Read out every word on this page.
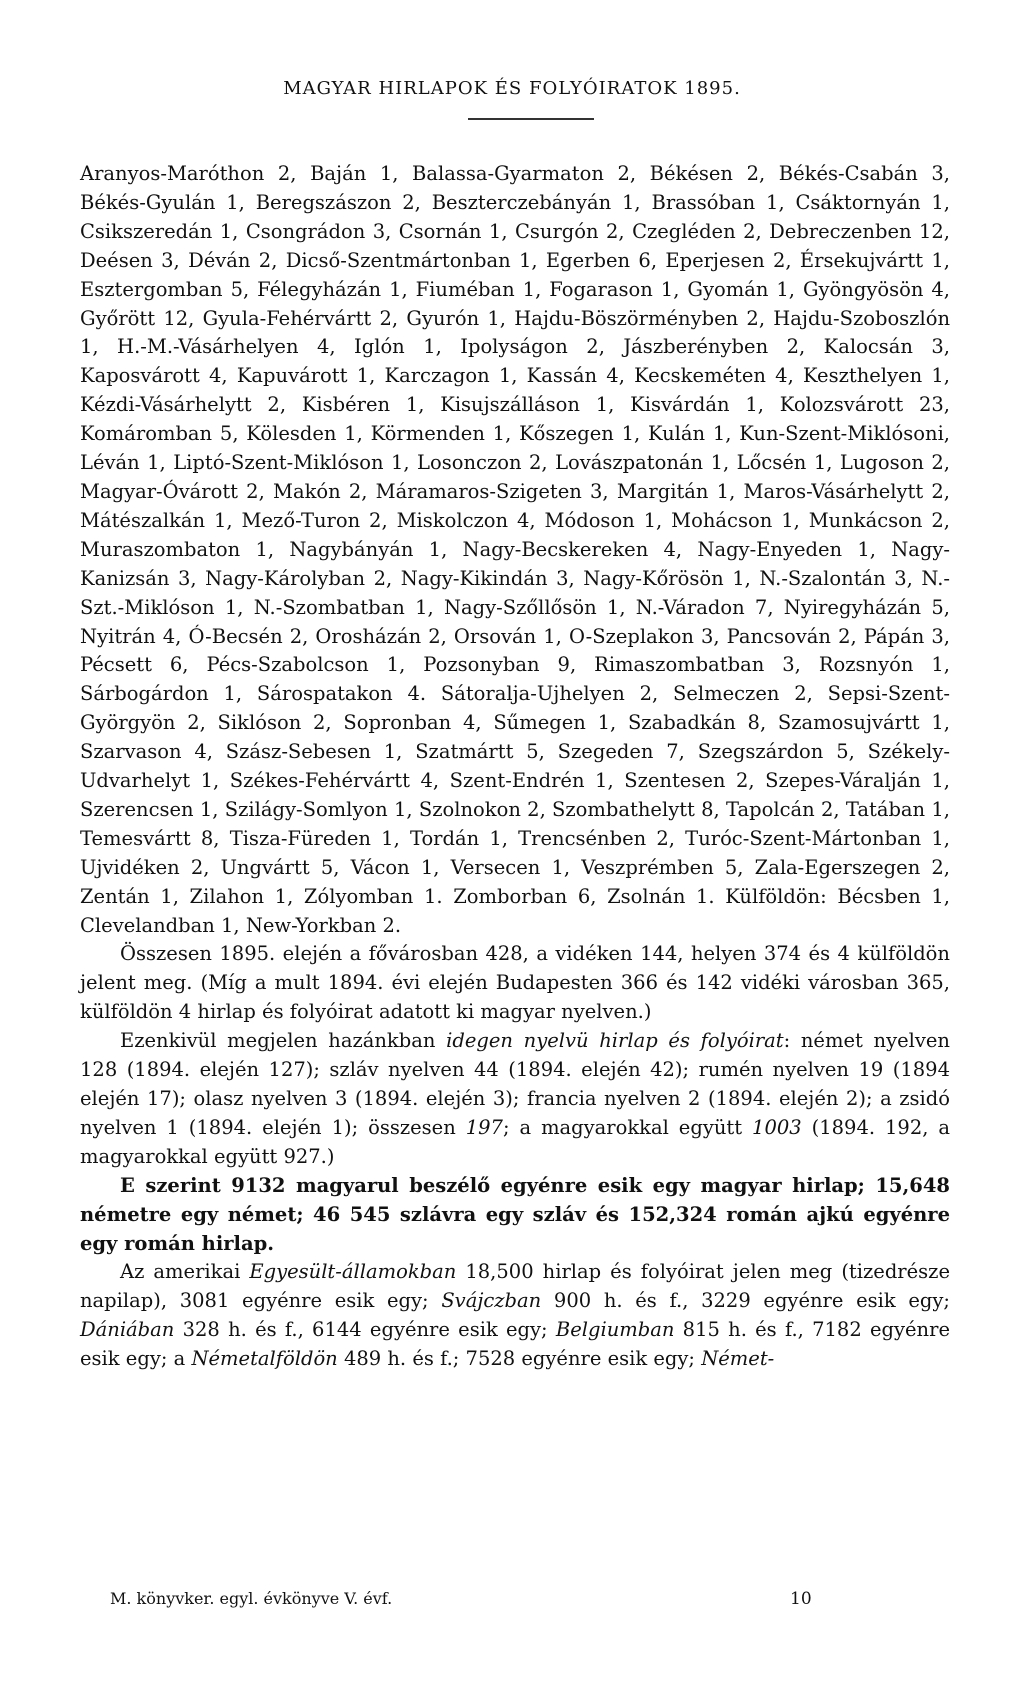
MAGYAR HIRLAPOK ÉS FOLYÓIRATOK 1895.

Aranyos-Maróthon 2, Baján 1, Balassa-Gyarmaton 2, Békésen 2, Békés-Csabán 3, Békés-Gyulán 1, Beregszászon 2, Beszterczebányán 1, Brassóban 1, Csáktornyán 1, Csikszeredán 1, Csongrádon 3, Csornán 1, Csurgón 2, Czegléden 2, Debreczenben 12, Deésen 3, Déván 2, Dicső-Szentmártonban 1, Egerben 6, Eperjesen 2, Érsekujvártt 1, Esztergomban 5, Félegyházán 1, Fiuméban 1, Fogarason 1, Gyomán 1, Gyöngyösön 4, Győrött 12, Gyula-Fehérvártt 2, Gyurón 1, Hajdu-Böszörményben 2, Hajdu-Szoboszlón 1, H.-M.-Vásárhelyen 4, Iglón 1, Ipolyságon 2, Jászberényben 2, Kalocsán 3, Kaposvárott 4, Kapuvárott 1, Karczagon 1, Kassán 4, Kecskeméten 4, Keszthelyen 1, Kézdi-Vásárhelytt 2, Kisbéren 1, Kisujszálláson 1, Kisvárdán 1, Kolozsvárott 23, Komáromban 5, Kölesden 1, Körmenden 1, Kőszegen 1, Kulán 1, Kun-Szent-Miklósoni, Léván 1, Liptó-Szent-Miklóson 1, Losonczon 2, Lovászpatonán 1, Lőcsén 1, Lugoson 2, Magyar-Óvárott 2, Makón 2, Máramaros-Szigeten 3, Margitán 1, Maros-Vásárhelytt 2, Mátészalkán 1, Mező-Turon 2, Miskolczon 4, Módoson 1, Mohácson 1, Munkácson 2, Muraszombaton 1, Nagybányán 1, Nagy-Becskereken 4, Nagy-Enyeden 1, Nagy-Kanizsán 3, Nagy-Károlyban 2, Nagy-Kikindán 3, Nagy-Kőrösön 1, N.-Szalontán 3, N.-Szt.-Miklóson 1, N.-Szombatban 1, Nagy-Szőllősön 1, N.-Váradon 7, Nyiregyházán 5, Nyitrán 4, Ó-Becsén 2, Orosházán 2, Orsován 1, O-Szeplakon 3, Pancsován 2, Pápán 3, Pécsett 6, Pécs-Szabolcson 1, Pozsonyban 9, Rimaszombatban 3, Rozsnyón 1, Sárbogárdon 1, Sárospatakon 4. Sátoralja-Ujhelyen 2, Selmeczen 2, Sepsi-Szent-Györgyön 2, Siklóson 2, Sopronban 4, Sűmegen 1, Szabadkán 8, Szamosujvártt 1, Szarvason 4, Szász-Sebesen 1, Szatmártt 5, Szegeden 7, Szegszárdon 5, Székely-Udvarhelyt 1, Székes-Fehérvártt 4, Szent-Endrén 1, Szentesen 2, Szepes-Váralján 1, Szerencsen 1, Szilágy-Somlyon 1, Szolnokon 2, Szombathelytt 8, Tapolcán 2, Tatában 1, Temesvártt 8, Tisza-Füreden 1, Tordán 1, Trencsénben 2, Turóc-Szent-Mártonban 1, Ujvidéken 2, Ungvártt 5, Vácon 1, Versecen 1, Veszprémben 5, Zala-Egerszegen 2, Zentán 1, Zilahon 1, Zólyomban 1. Zomborban 6, Zsolnán 1. Külföldön: Bécsben 1, Clevelandban 1, New-Yorkban 2.

Összesen 1895. elején a fővárosban 428, a vidéken 144, helyen 374 és 4 külföldön jelent meg. (Míg a mult 1894. évi elején Budapesten 366 és 142 vidéki városban 365, külföldön 4 hirlap és folyóirat adatott ki magyar nyelven.)

Ezenkivül megjelen hazánkban idegen nyelvü hirlap és folyóirat: német nyelven 128 (1894. elején 127); szláv nyelven 44 (1894. elején 42); rumén nyelven 19 (1894 elején 17); olasz nyelven 3 (1894. elején 3); francia nyelven 2 (1894. elején 2); a zsidó nyelven 1 (1894. elején 1); összesen 197; a magyarokkal együtt 1003 (1894. 192, a magyarokkal együtt 927.)

E szerint 9132 magyarul beszélő egyénre esik egy magyar hirlap; 15,648 németre egy német; 46 545 szlávra egy szláv és 152,324 román ajkú egyénre egy román hirlap.

Az amerikai Egyesült-államokban 18,500 hirlap és folyóirat jelen meg (tizedrésze napilap), 3081 egyénre esik egy; Svájczban 900 h. és f., 3229 egyénre esik egy; Dániában 328 h. és f., 6144 egyénre esik egy; Belgiumban 815 h. és f., 7182 egyénre esik egy; a Németalföldön 489 h. és f.; 7528 egyénre esik egy; Német-

M. könyvker. egyl. évkönyve V. évf.	10
